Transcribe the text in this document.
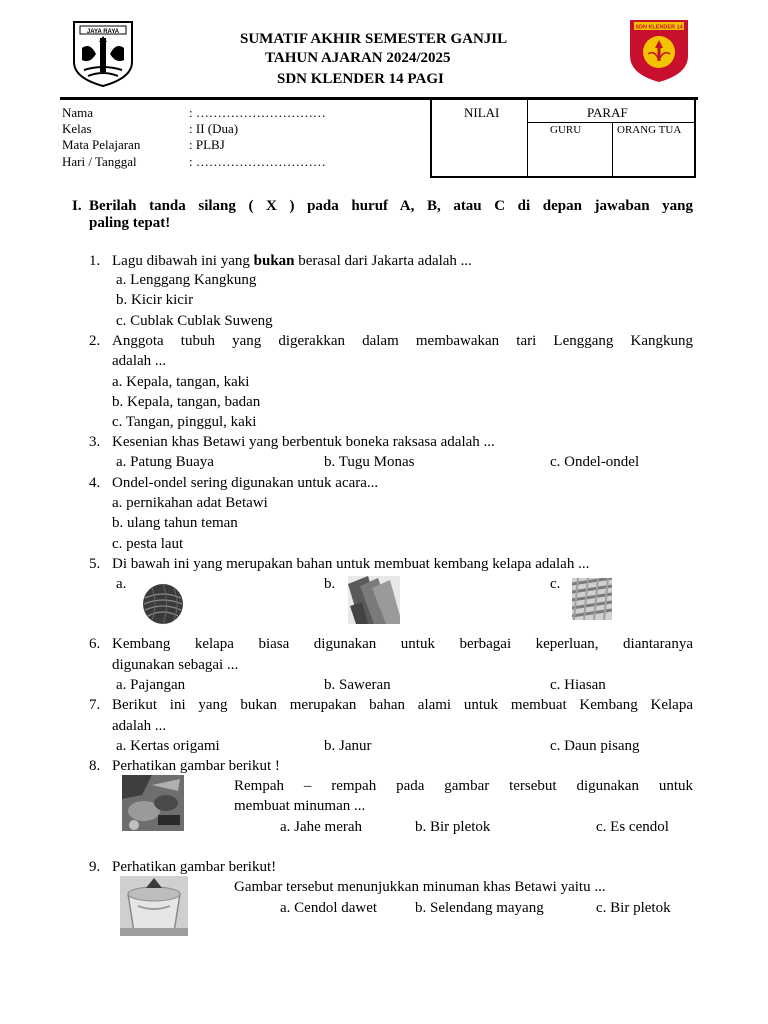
JAYA RAYA	SUMATIF AKHIR SEMESTER GANJIL
TAHUN AJARAN 2024/2025
SDN KLENDER 14 PAGI
SDN KLENDER 14
Nama	: …………………………
Kelas	: II (Dua)
Mata Pelajaran	: PLBJ
Hari / Tanggal	: …………………………
NILAI	PARAF
GURU	ORANG TUA
I. Berilah tanda silang ( X ) pada huruf A, B, atau C di depan jawaban yang
paling tepat!
1. Lagu dibawah ini yang bukan berasal dari Jakarta adalah ...
a. Lenggang Kangkung
b. Kicir kicir
c. Cublak Cublak Suweng
2. Anggota tubuh yang digerakkan dalam membawakan tari Lenggang Kangkung
adalah ...
a. Kepala, tangan, kaki
b. Kepala, tangan, badan
c. Tangan, pinggul, kaki
3. Kesenian khas Betawi yang berbentuk boneka raksasa adalah ...
a. Patung Buaya	b. Tugu Monas	c. Ondel-ondel
4. Ondel-ondel sering digunakan untuk acara...
a. pernikahan adat Betawi
b. ulang tahun teman
c. pesta laut
5. Di bawah ini yang merupakan bahan untuk membuat kembang kelapa adalah ...
a.	b.	c.
6. Kembang kelapa biasa digunakan untuk berbagai keperluan, diantaranya
digunakan sebagai ...
a. Pajangan	b. Saweran	c. Hiasan
7. Berikut ini yang bukan merupakan bahan alami untuk membuat Kembang Kelapa
adalah ...
a. Kertas origami	b. Janur	c. Daun pisang
8. Perhatikan gambar berikut !
Rempah – rempah pada gambar tersebut digunakan untuk
membuat minuman ...
a. Jahe merah	b. Bir pletok	c. Es cendol
9. Perhatikan gambar berikut!
Gambar tersebut menunjukkan minuman khas Betawi yaitu ...
a. Cendol dawet	b. Selendang mayang	c. Bir pletok
